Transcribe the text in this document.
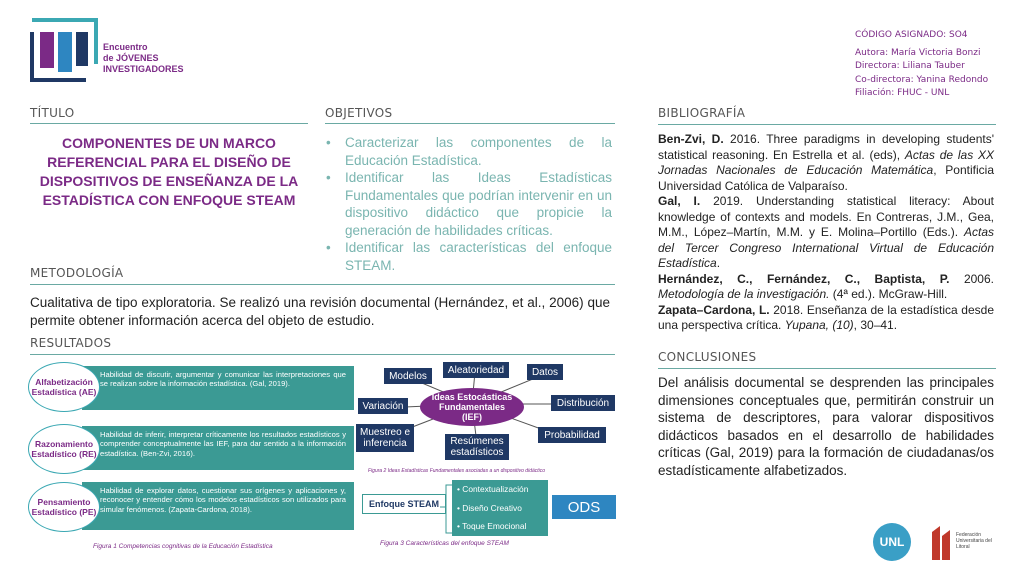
Encuentro
de JÓVENES
INVESTIGADORES
CÓDIGO ASIGNADO: SO4
Autora: María Victoria Bonzi
Directora: Liliana Tauber
Co-directora: Yanina Redondo
Filiación: FHUC - UNL
TÍTULO
COMPONENTES DE UN MARCO REFERENCIAL PARA EL DISEÑO DE DISPOSITIVOS DE ENSEÑANZA DE LA ESTADÍSTICA CON ENFOQUE STEAM
OBJETIVOS
• Caracterizar las componentes de la Educación Estadística.
• Identificar las Ideas Estadísticas Fundamentales que podrían intervenir en un dispositivo didáctico que propicie la generación de habilidades críticas.
• Identificar las características del enfoque STEAM.
METODOLOGÍA
Cualitativa de tipo exploratoria. Se realizó una revisión documental (Hernández, et al., 2006) que permite obtener información acerca del objeto de estudio.
RESULTADOS
Habilidad de discutir, argumentar y comunicar las interpretaciones que se realizan sobre la información estadística. (Gal, 2019).
Alfabetización Estadística (AE)
Habilidad de inferir, interpretar críticamente los resultados estadísticos y comprender conceptualmente las IEF, para dar sentido a la información estadística. (Ben-Zvi, 2016).
Razonamiento Estadístico (RE)
Habilidad de explorar datos, cuestionar sus orígenes y aplicaciones y, reconocer y entender cómo los modelos estadísticos son utilizados para simular fenómenos. (Zapata-Cardona, 2018).
Pensamiento Estadístico (PE)
Figura 1 Competencias cognitivas de la Educación Estadística
Modelos
Aleatoriedad	Datos
Variación	Distribución
Muestreo e inferencia	Resúmenes estadísticos
Probabilidad
Ideas Estocásticas Fundamentales (IEF)
Figura 2 Ideas Estadísticas Fundamentales asociadas a un dispositivo didáctico
Enfoque STEAM
• Contextualización
• Diseño Creativo
• Toque Emocional
ODS
Figura 3 Características del enfoque STEAM
BIBLIOGRAFÍA

Ben-Zvi, D. 2016. Three paradigms in developing students' statistical reasoning. En Estrella et al. (eds), Actas de las XX Jornadas Nacionales de Educación Matemática, Pontificia Universidad Católica de Valparaíso.

Gal, I. 2019. Understanding statistical literacy: About knowledge of contexts and models. En Contreras, J.M., Gea, M.M., López–Martín, M.M. y E. Molina–Portillo (Eds.). Actas del Tercer Congreso International Virtual de Educación Estadística.

Hernández, C., Fernández, C., Baptista, P. 2006. Metodología de la investigación. (4ª ed.). McGraw-Hill.

Zapata–Cardona, L. 2018. Enseñanza de la estadística desde una perspectiva crítica. Yupana, (10), 30–41.

CONCLUSIONES
Del análisis documental se desprenden las principales dimensiones conceptuales que, permitirán construir un sistema de descriptores, para valorar dispositivos didácticos basados en el desarrollo de habilidades críticas (Gal, 2019) para la formación de ciudadanas/os estadísticamente alfabetizados.
UNL	Federación Universitaria del Litoral
